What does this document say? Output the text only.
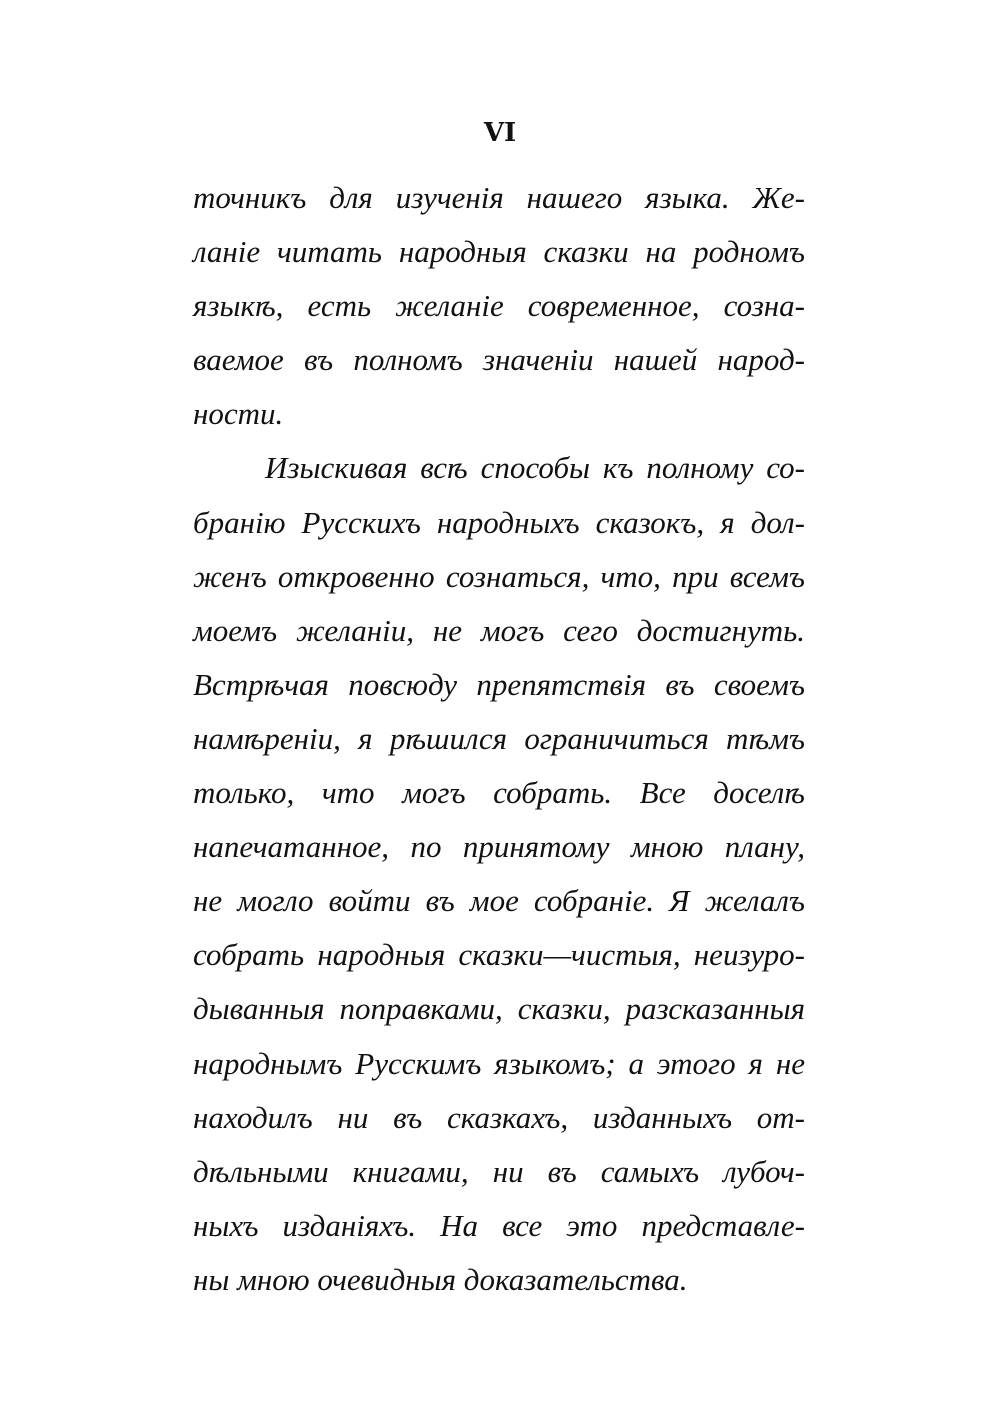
VI
точникъ для изученія нашего языка. Же-
ланіе читать народныя сказки на родномъ
языкѣ, есть желаніе современное, созна-
ваемое въ полномъ значеніи нашей народ-
ности.
Изыскивая всѣ способы къ полному со-
бранію Русскихъ народныхъ сказокъ, я дол-
женъ откровенно сознаться, что, при всемъ
моемъ желаніи, не могъ сего достигнуть.
Встрѣчая повсюду препятствія въ своемъ
намѣреніи, я рѣшился ограничиться тѣмъ
только, что могъ собрать. Все доселѣ
напечатанное, по принятому мною плану,
не могло войти въ мое собраніе. Я желалъ
собрать народныя сказки—чистыя, неизуро-
дыванныя поправками, сказки, разсказанныя
народнымъ Русскимъ языкомъ; а этого я не
находилъ ни въ сказкахъ, изданныхъ от-
дѣльными книгами, ни въ самыхъ лубоч-
ныхъ изданіяхъ. На все это представле-
ны мною очевидныя доказательства.
